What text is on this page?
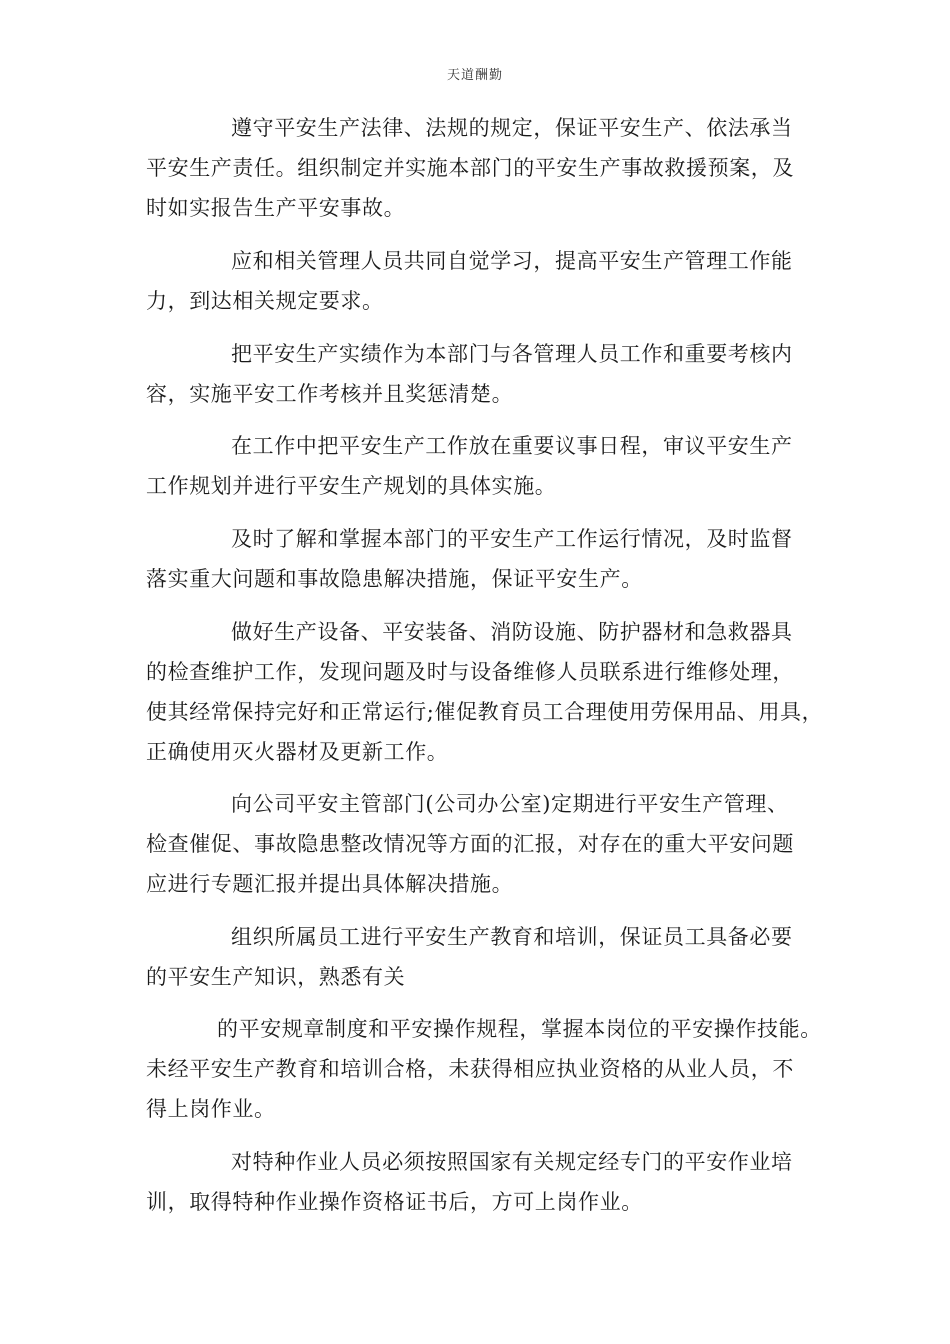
天道酬勤
遵守平安生产法律、法规的规定，保证平安生产、依法承当
平安生产责任。组织制定并实施本部门的平安生产事故救援预案，及
时如实报告生产平安事故。
应和相关管理人员共同自觉学习，提高平安生产管理工作能
力，到达相关规定要求。
把平安生产实绩作为本部门与各管理人员工作和重要考核内
容，实施平安工作考核并且奖惩清楚。
在工作中把平安生产工作放在重要议事日程，审议平安生产
工作规划并进行平安生产规划的具体实施。
及时了解和掌握本部门的平安生产工作运行情况，及时监督
落实重大问题和事故隐患解决措施，保证平安生产。
做好生产设备、平安装备、消防设施、防护器材和急救器具
的检查维护工作，发现问题及时与设备维修人员联系进行维修处理，
使其经常保持完好和正常运行;催促教育员工合理使用劳保用品、用具，
正确使用灭火器材及更新工作。
向公司平安主管部门(公司办公室)定期进行平安生产管理、
检查催促、事故隐患整改情况等方面的汇报，对存在的重大平安问题
应进行专题汇报并提出具体解决措施。
组织所属员工进行平安生产教育和培训，保证员工具备必要
的平安生产知识，熟悉有关
的平安规章制度和平安操作规程，掌握本岗位的平安操作技能。
未经平安生产教育和培训合格，未获得相应执业资格的从业人员，不
得上岗作业。
对特种作业人员必须按照国家有关规定经专门的平安作业培
训，取得特种作业操作资格证书后，方可上岗作业。
